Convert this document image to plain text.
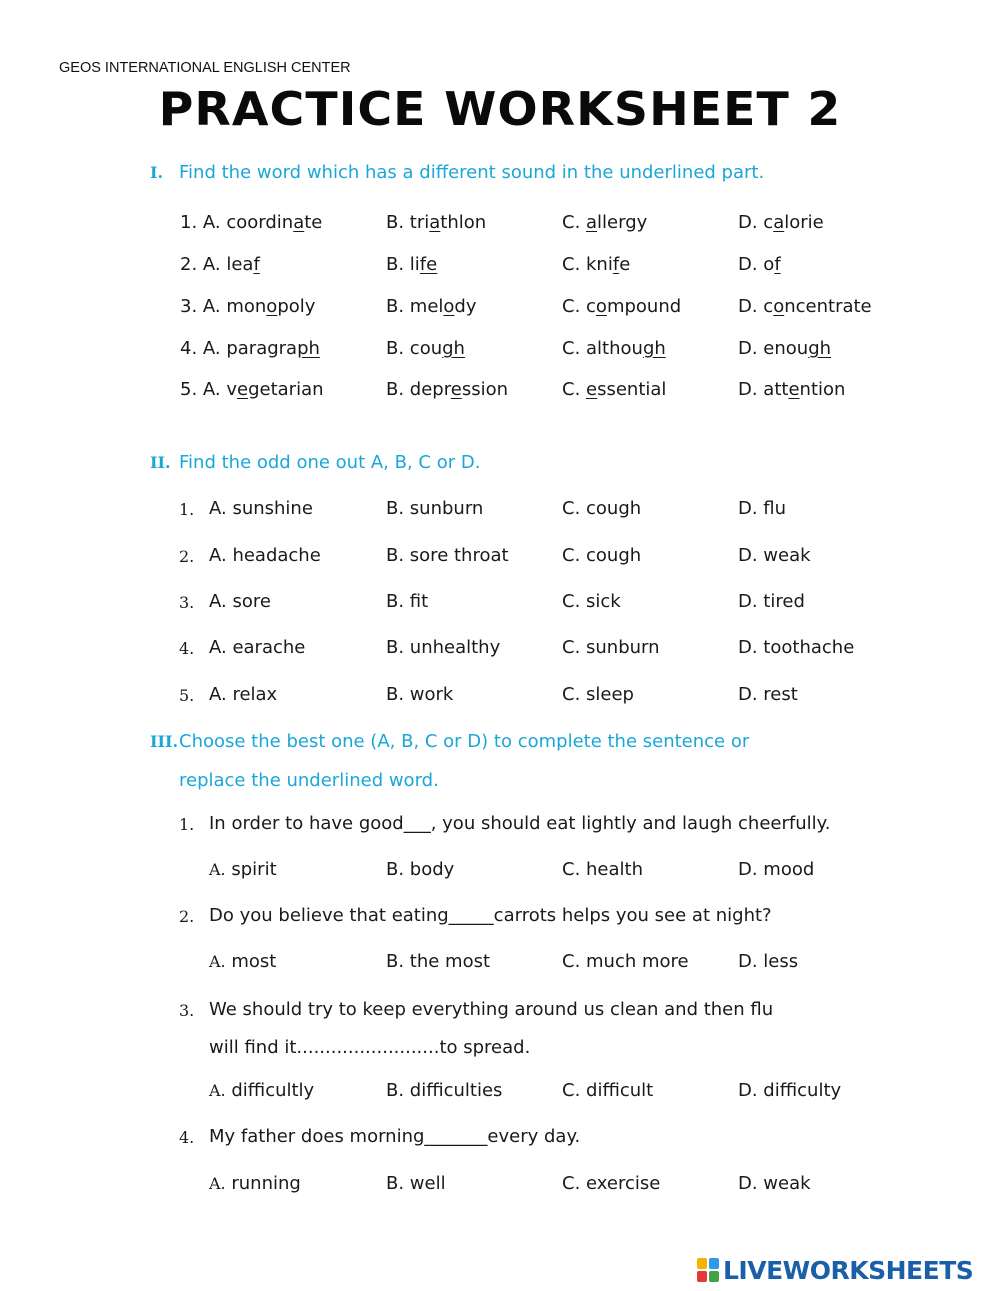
GEOS INTERNATIONAL ENGLISH CENTER
PRACTICE WORKSHEET 2
I. Find the word which has a different sound in the underlined part.
1. A. coordinate	B. triathlon	C. allergy	D. calorie
2. A. leaf	B. life	C. knife	D. of
3. A. monopoly	B. melody	C. compound	D. concentrate
4. A. paragraph	B. cough	C. although	D. enough
5. A. vegetarian	B. depression	C. essential	D. attention
II. Find the odd one out A, B, C or D.
1. A. sunshine	B. sunburn	C. cough	D. flu
2. A. headache	B. sore throat	C. cough	D. weak
3. A. sore	B. fit	C. sick	D. tired
4. A. earache	B. unhealthy	C. sunburn	D. toothache
5. A. relax	B. work	C. sleep	D. rest
III.Choose the best one (A, B, C or D) to complete the sentence or
replace the underlined word.
1. In order to have good___, you should eat lightly and laugh cheerfully.
A. spirit	B. body	C. health	D. mood
2. Do you believe that eating_____carrots helps you see at night?
A. most	B. the most	C. much more	D. less
3. We should try to keep everything around us clean and then flu
will find it.........................to spread.
A. difficultly	B. difficulties	C. difficult	D. difficulty
4. My father does morning_______every day.
A. running	B. well	C. exercise	D. weak
LIVEWORKSHEETS
